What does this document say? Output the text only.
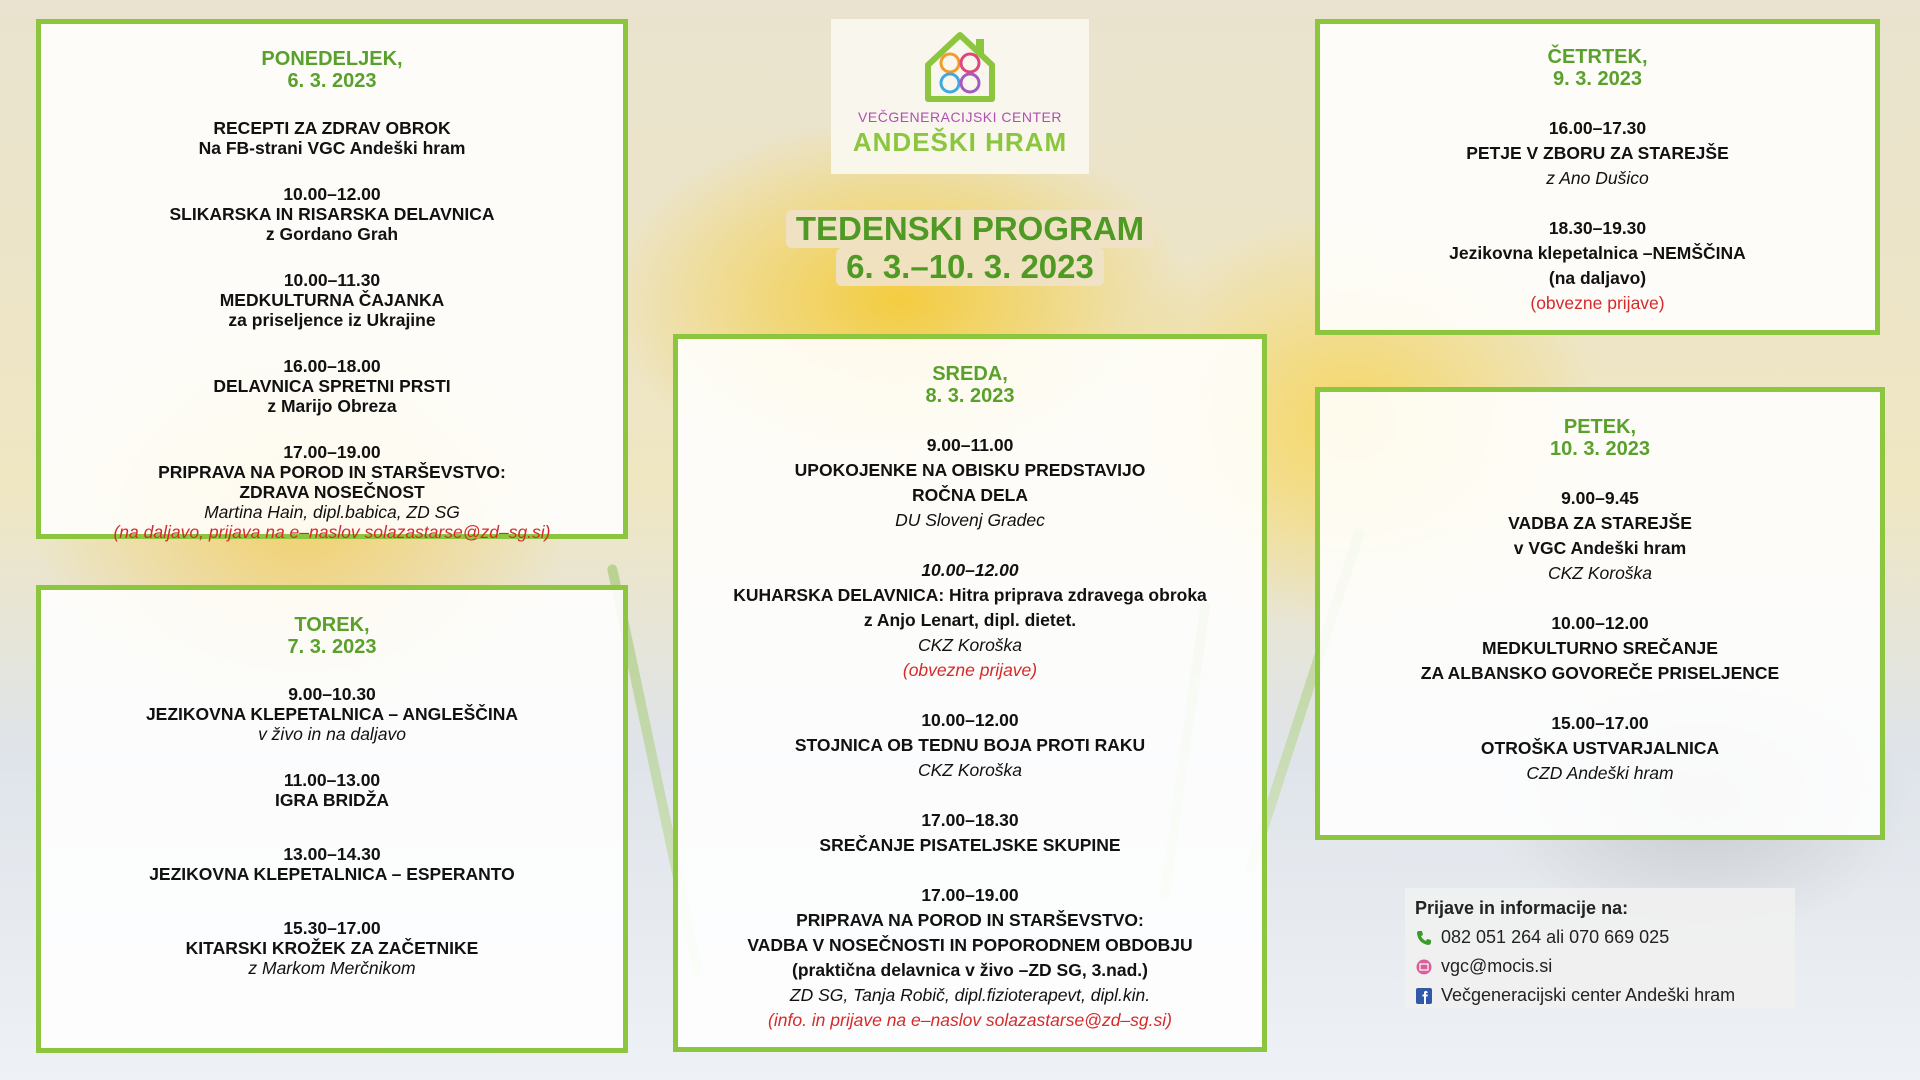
VEČGENERACIJSKI CENTER
ANDEŠKI HRAM
TEDENSKI PROGRAM
6. 3.–10. 3. 2023
PONEDELJEK,
6. 3. 2023
RECEPTI ZA ZDRAV OBROK
Na FB-strani VGC Andeški hram
10.00–12.00
SLIKARSKA IN RISARSKA DELAVNICA
z Gordano Grah
10.00–11.30
MEDKULTURNA ČAJANKA
za priseljence iz Ukrajine
16.00–18.00
DELAVNICA SPRETNI PRSTI
z Marijo Obreza
17.00–19.00
PRIPRAVA NA POROD IN STARŠEVSTVO:
ZDRAVA NOSEČNOST
Martina Hain, dipl.babica, ZD SG
(na daljavo, prijava na e–naslov solazastarse@zd–sg.si)
TOREK,
7. 3. 2023
9.00–10.30
JEZIKOVNA KLEPETALNICA – ANGLEŠČINA
v živo in na daljavo
11.00–13.00
IGRA BRIDŽA
13.00–14.30
JEZIKOVNA KLEPETALNICA – ESPERANTO
15.30–17.00
KITARSKI KROŽEK ZA ZAČETNIKE
z Markom Merčnikom
SREDA,
8. 3. 2023
9.00–11.00
UPOKOJENKE NA OBISKU PREDSTAVIJO
ROČNA DELA
DU Slovenj Gradec
10.00–12.00
KUHARSKA DELAVNICA: Hitra priprava zdravega obroka
z Anjo Lenart, dipl. dietet.
CKZ Koroška
(obvezne prijave)
10.00–12.00
STOJNICA OB TEDNU BOJA PROTI RAKU
CKZ Koroška
17.00–18.30
SREČANJE PISATELJSKE SKUPINE
17.00–19.00
PRIPRAVA NA POROD IN STARŠEVSTVO:
VADBA V NOSEČNOSTI IN POPORODNEM OBDOBJU
(praktična delavnica v živo –ZD SG, 3.nad.)
ZD SG, Tanja Robič, dipl.fizioterapevt, dipl.kin.
(info. in prijave na e–naslov solazastarse@zd–sg.si)
ČETRTEK,
9. 3. 2023
16.00–17.30
PETJE V ZBORU ZA STAREJŠE
z Ano Dušico
18.30–19.30
Jezikovna klepetalnica –NEMŠČINA
(na daljavo)
(obvezne prijave)
PETEK,
10. 3. 2023
9.00–9.45
VADBA ZA STAREJŠE
v VGC Andeški hram
CKZ Koroška
10.00–12.00
MEDKULTURNO SREČANJE
ZA ALBANSKO GOVOREČE PRISELJENCE
15.00–17.00
OTROŠKA USTVARJALNICA
CZD Andeški hram
Prijave in informacije na:
082 051 264 ali 070 669 025
vgc@mocis.si
Večgeneracijski center Andeški hram
